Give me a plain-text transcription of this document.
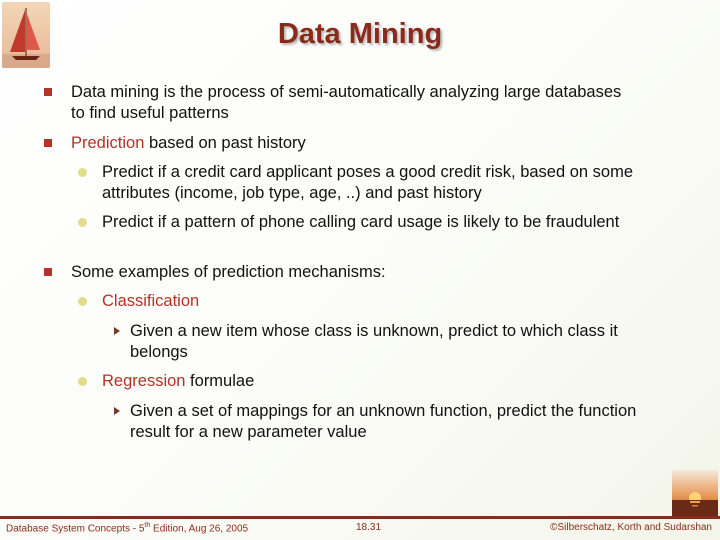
Data Mining
Data mining is the process of semi-automatically analyzing large databases to find useful patterns
Prediction based on past history
Predict if a credit card applicant poses a good credit risk, based on some attributes (income, job type, age, ..) and past history
Predict if a pattern of phone calling card usage is likely to be fraudulent
Some examples of prediction mechanisms:
Classification
Given a new item whose class is unknown, predict to which class it belongs
Regression formulae
Given a set of mappings for an unknown function, predict the function result for a new parameter value
Database System Concepts - 5th Edition, Aug 26, 2005	18.31	©Silberschatz, Korth and Sudarshan
